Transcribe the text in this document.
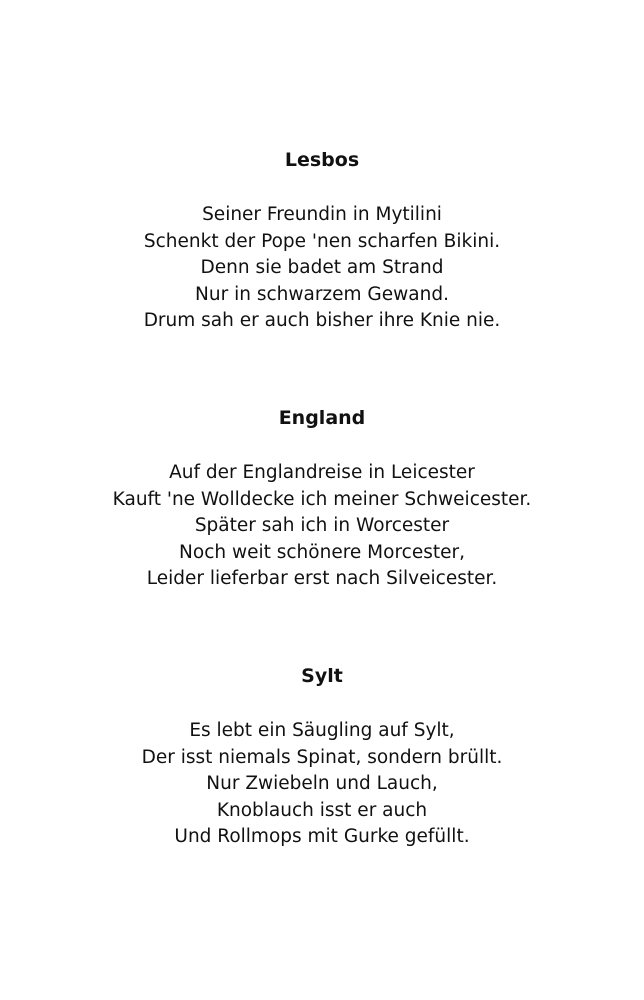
Lesbos
Seiner Freundin in Mytilini
Schenkt der Pope 'nen scharfen Bikini.
Denn sie badet am Strand
Nur in schwarzem Gewand.
Drum sah er auch bisher ihre Knie nie.
England
Auf der Englandreise in Leicester
Kauft 'ne Wolldecke ich meiner Schweicester.
Später sah ich in Worcester
Noch weit schönere Morcester,
Leider lieferbar erst nach Silveicester.
Sylt
Es lebt ein Säugling auf Sylt,
Der isst niemals Spinat, sondern brüllt.
Nur Zwiebeln und Lauch,
Knoblauch isst er auch
Und Rollmops mit Gurke gefüllt.
